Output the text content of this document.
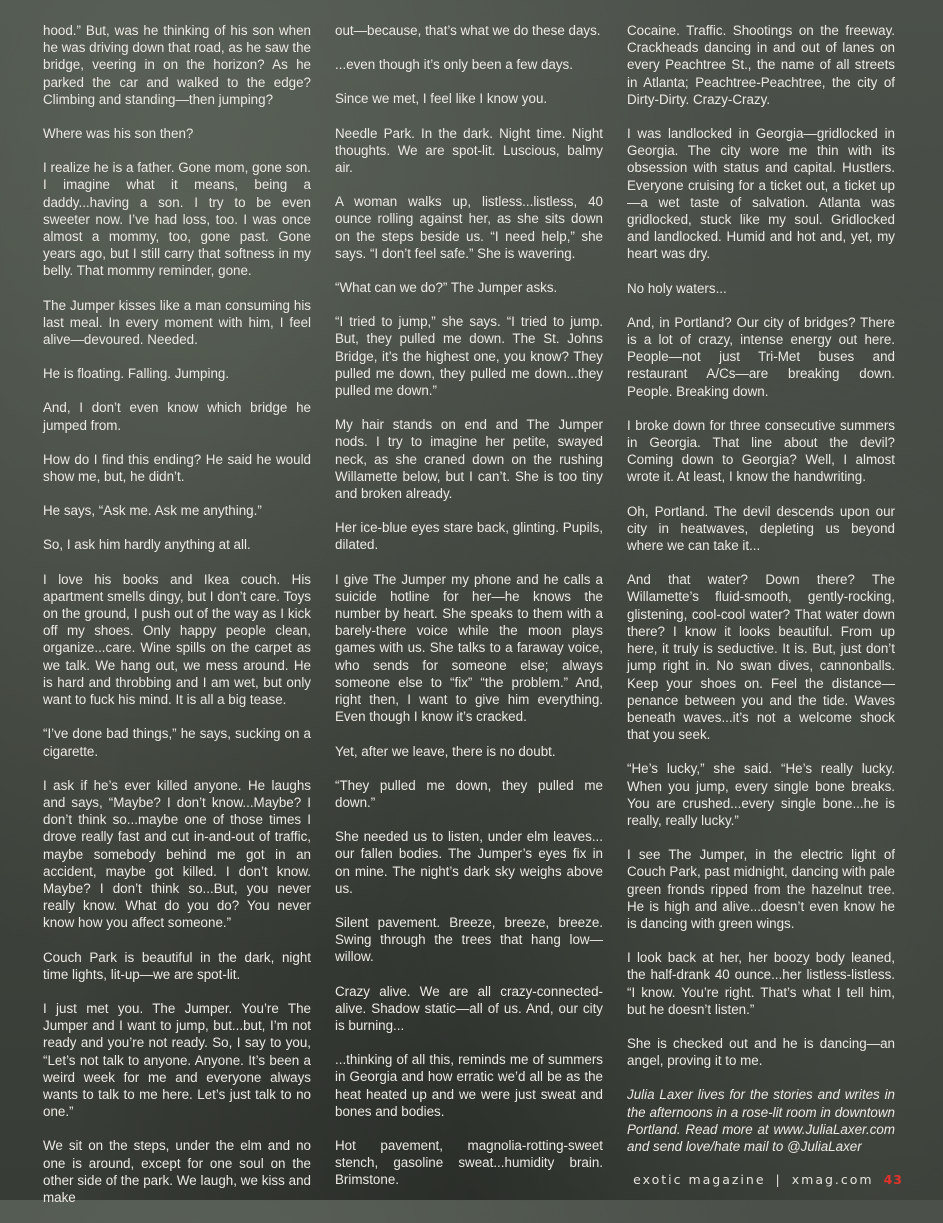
hood.” But, was he thinking of his son when he was driving down that road, as he saw the bridge, veering in on the horizon? As he parked the car and walked to the edge? Climbing and standing—then jumping?

Where was his son then?

I realize he is a father. Gone mom, gone son. I imagine what it means, being a daddy...having a son. I try to be even sweeter now. I’ve had loss, too. I was once almost a mommy, too, gone past. Gone years ago, but I still carry that softness in my belly. That mommy reminder, gone.

The Jumper kisses like a man consuming his last meal. In every moment with him, I feel alive—devoured. Needed.

He is floating. Falling. Jumping.

And, I don’t even know which bridge he jumped from.

How do I find this ending? He said he would show me, but, he didn’t.

He says, “Ask me. Ask me anything.”

So, I ask him hardly anything at all.

I love his books and Ikea couch. His apartment smells dingy, but I don’t care. Toys on the ground, I push out of the way as I kick off my shoes. Only happy people clean, organize...care. Wine spills on the carpet as we talk. We hang out, we mess around. He is hard and throbbing and I am wet, but only want to fuck his mind. It is all a big tease.

“I’ve done bad things,” he says, sucking on a cigarette.

I ask if he’s ever killed anyone. He laughs and says, “Maybe? I don’t know...Maybe? I don’t think so...maybe one of those times I drove really fast and cut in-and-out of traffic, maybe somebody behind me got in an accident, maybe got killed. I don’t know. Maybe? I don’t think so...But, you never really know. What do you do? You never know how you affect someone.”

Couch Park is beautiful in the dark, night time lights, lit-up—we are spot-lit.

I just met you. The Jumper. You’re The Jumper and I want to jump, but...but, I’m not ready and you’re not ready. So, I say to you, “Let’s not talk to anyone. Anyone. It’s been a weird week for me and everyone always wants to talk to me here. Let’s just talk to no one.”

We sit on the steps, under the elm and no one is around, except for one soul on the other side of the park. We laugh, we kiss and make

out—because, that’s what we do these days.

...even though it’s only been a few days.

Since we met, I feel like I know you.

Needle Park. In the dark. Night time. Night thoughts. We are spot-lit. Luscious, balmy air.

A woman walks up, listless...listless, 40 ounce rolling against her, as she sits down on the steps beside us. “I need help,” she says. “I don’t feel safe.” She is wavering.

“What can we do?” The Jumper asks.

“I tried to jump,” she says. “I tried to jump. But, they pulled me down. The St. Johns Bridge, it’s the highest one, you know? They pulled me down, they pulled me down...they pulled me down.”

My hair stands on end and The Jumper nods. I try to imagine her petite, swayed neck, as she craned down on the rushing Willamette below, but I can’t. She is too tiny and broken already.

Her ice-blue eyes stare back, glinting. Pupils, dilated.

I give The Jumper my phone and he calls a suicide hotline for her—he knows the number by heart. She speaks to them with a barely-there voice while the moon plays games with us. She talks to a faraway voice, who sends for someone else; always someone else to “fix” “the problem.” And, right then, I want to give him everything. Even though I know it’s cracked.

Yet, after we leave, there is no doubt.

“They pulled me down, they pulled me down.”

She needed us to listen, under elm leaves... our fallen bodies. The Jumper’s eyes fix in on mine. The night’s dark sky weighs above us.

Silent pavement. Breeze, breeze, breeze. Swing through the trees that hang low—willow.

Crazy alive. We are all crazy-connected-alive. Shadow static—all of us. And, our city is burning...

...thinking of all this, reminds me of summers in Georgia and how erratic we’d all be as the heat heated up and we were just sweat and bones and bodies.

Hot pavement, magnolia-rotting-sweet stench, gasoline sweat...humidity brain. Brimstone.

Cocaine. Traffic. Shootings on the freeway. Crackheads dancing in and out of lanes on every Peachtree St., the name of all streets in Atlanta; Peachtree-Peachtree, the city of Dirty-Dirty. Crazy-Crazy.

I was landlocked in Georgia—gridlocked in Georgia. The city wore me thin with its obsession with status and capital. Hustlers. Everyone cruising for a ticket out, a ticket up—a wet taste of salvation. Atlanta was gridlocked, stuck like my soul. Gridlocked and landlocked. Humid and hot and, yet, my heart was dry.

No holy waters...

And, in Portland? Our city of bridges? There is a lot of crazy, intense energy out here. People—not just Tri-Met buses and restaurant A/Cs—are breaking down. People. Breaking down.

I broke down for three consecutive summers in Georgia. That line about the devil? Coming down to Georgia? Well, I almost wrote it. At least, I know the handwriting.

Oh, Portland. The devil descends upon our city in heatwaves, depleting us beyond where we can take it...

And that water? Down there? The Willamette’s fluid-smooth, gently-rocking, glistening, cool-cool water? That water down there? I know it looks beautiful. From up here, it truly is seductive. It is. But, just don’t jump right in. No swan dives, cannonballs. Keep your shoes on. Feel the distance—penance between you and the tide. Waves beneath waves...it’s not a welcome shock that you seek.

“He’s lucky,” she said. “He’s really lucky. When you jump, every single bone breaks. You are crushed...every single bone...he is really, really lucky.”

I see The Jumper, in the electric light of Couch Park, past midnight, dancing with pale green fronds ripped from the hazelnut tree. He is high and alive...doesn’t even know he is dancing with green wings.

I look back at her, her boozy body leaned, the half-drank 40 ounce...her listless-listless. “I know. You’re right. That’s what I tell him, but he doesn’t listen.”

She is checked out and he is dancing—an angel, proving it to me.

Julia Laxer lives for the stories and writes in the afternoons in a rose-lit room in downtown Portland. Read more at www.JuliaLaxer.com and send love/hate mail to @JuliaLaxer

exotic magazine | xmag.com 43
